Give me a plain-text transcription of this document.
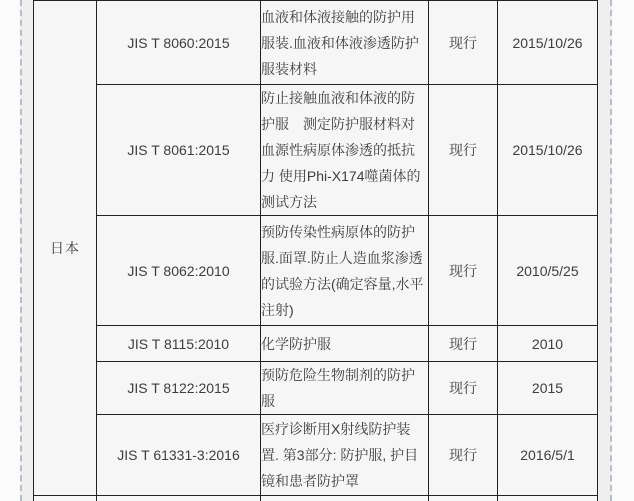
日本	JIS T 8060:2015	血液和体液接触的防护用服装.血液和体液渗透防护服装材料	现行	2015/10/26
	JIS T 8061:2015	防止接触血液和体液的防护服　测定防护服材料对血源性病原体渗透的抵抗力 使用Phi-X174噬菌体的测试方法	现行	2015/10/26
	JIS T 8062:2010	预防传染性病原体的防护服.面罩.防止人造血浆渗透的试验方法(确定容量,水平注射)	现行	2010/5/25
	JIS T 8115:2010	化学防护服	现行	2010
	JIS T 8122:2015	预防危险生物制剂的防护服	现行	2015
	JIS T 61331-3:2016	医疗诊断用X射线防护装置. 第3部分: 防护服, 护目镜和患者防护罩	现行	2016/5/1
